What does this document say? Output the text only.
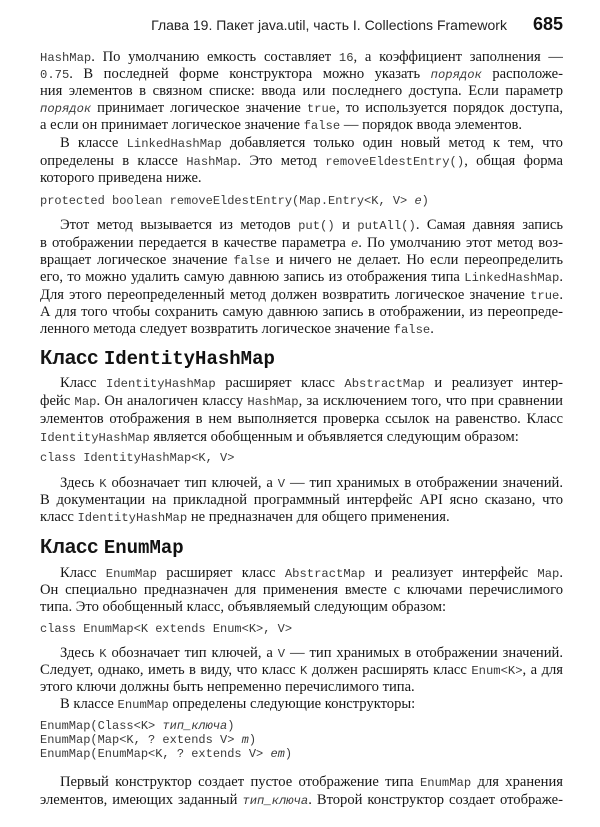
Глава 19. Пакет java.util, часть I. Collections Framework 685
HashMap. По умолчанию емкость составляет 16, а коэффициент заполнения —
0.75. В последней форме конструктора можно указать порядок расположе-
ния элементов в связном списке: ввода или последнего доступа. Если параметр
порядок принимает логическое значение true, то используется порядок доступа,
а если он принимает логическое значение false — порядок ввода элементов.
В классе LinkedHashMap добавляется только один новый метод к тем, что
определены в классе HashMap. Это метод removeEldestEntry(), общая форма
которого приведена ниже.
protected boolean removeEldestEntry(Map.Entry<K, V> e)
Этот метод вызывается из методов put() и putAll(). Самая давняя запись
в отображении передается в качестве параметра e. По умолчанию этот метод воз-
вращает логическое значение false и ничего не делает. Но если переопределить
его, то можно удалить самую давнюю запись из отображения типа LinkedHashMap.
Для этого переопределенный метод должен возвратить логическое значение true.
А для того чтобы сохранить самую давнюю запись в отображении, из переопреде-
ленного метода следует возвратить логическое значение false.
Класс IdentityHashMap
Класс IdentityHashMap расширяет класс AbstractMap и реализует интер-
фейс Map. Он аналогичен классу HashMap, за исключением того, что при сравнении
элементов отображения в нем выполняется проверка ссылок на равенство. Класс
IdentityHashMap является обобщенным и объявляется следующим образом:
class IdentityHashMap<K, V>
Здесь K обозначает тип ключей, а V — тип хранимых в отображении значений.
В документации на прикладной программный интерфейс API ясно сказано, что
класс IdentityHashMap не предназначен для общего применения.
Класс EnumMap
Класс EnumMap расширяет класс AbstractMap и реализует интерфейс Map.
Он специально предназначен для применения вместе с ключами перечислимого
типа. Это обобщенный класс, объявляемый следующим образом:
class EnumMap<K extends Enum<K>, V>
Здесь K обозначает тип ключей, а V — тип хранимых в отображении значений.
Следует, однако, иметь в виду, что класс K должен расширять класс Enum<K>, а для
этого ключи должны быть непременно перечислимого типа.
В классе EnumMap определены следующие конструкторы:
EnumMap(Class<K> тип_ключа)
EnumMap(Map<K, ? extends V> m)
EnumMap(EnumMap<K, ? extends V> em)
Первый конструктор создает пустое отображение типа EnumMap для хранения
элементов, имеющих заданный тип_ключа. Второй конструктор создает отображе-
